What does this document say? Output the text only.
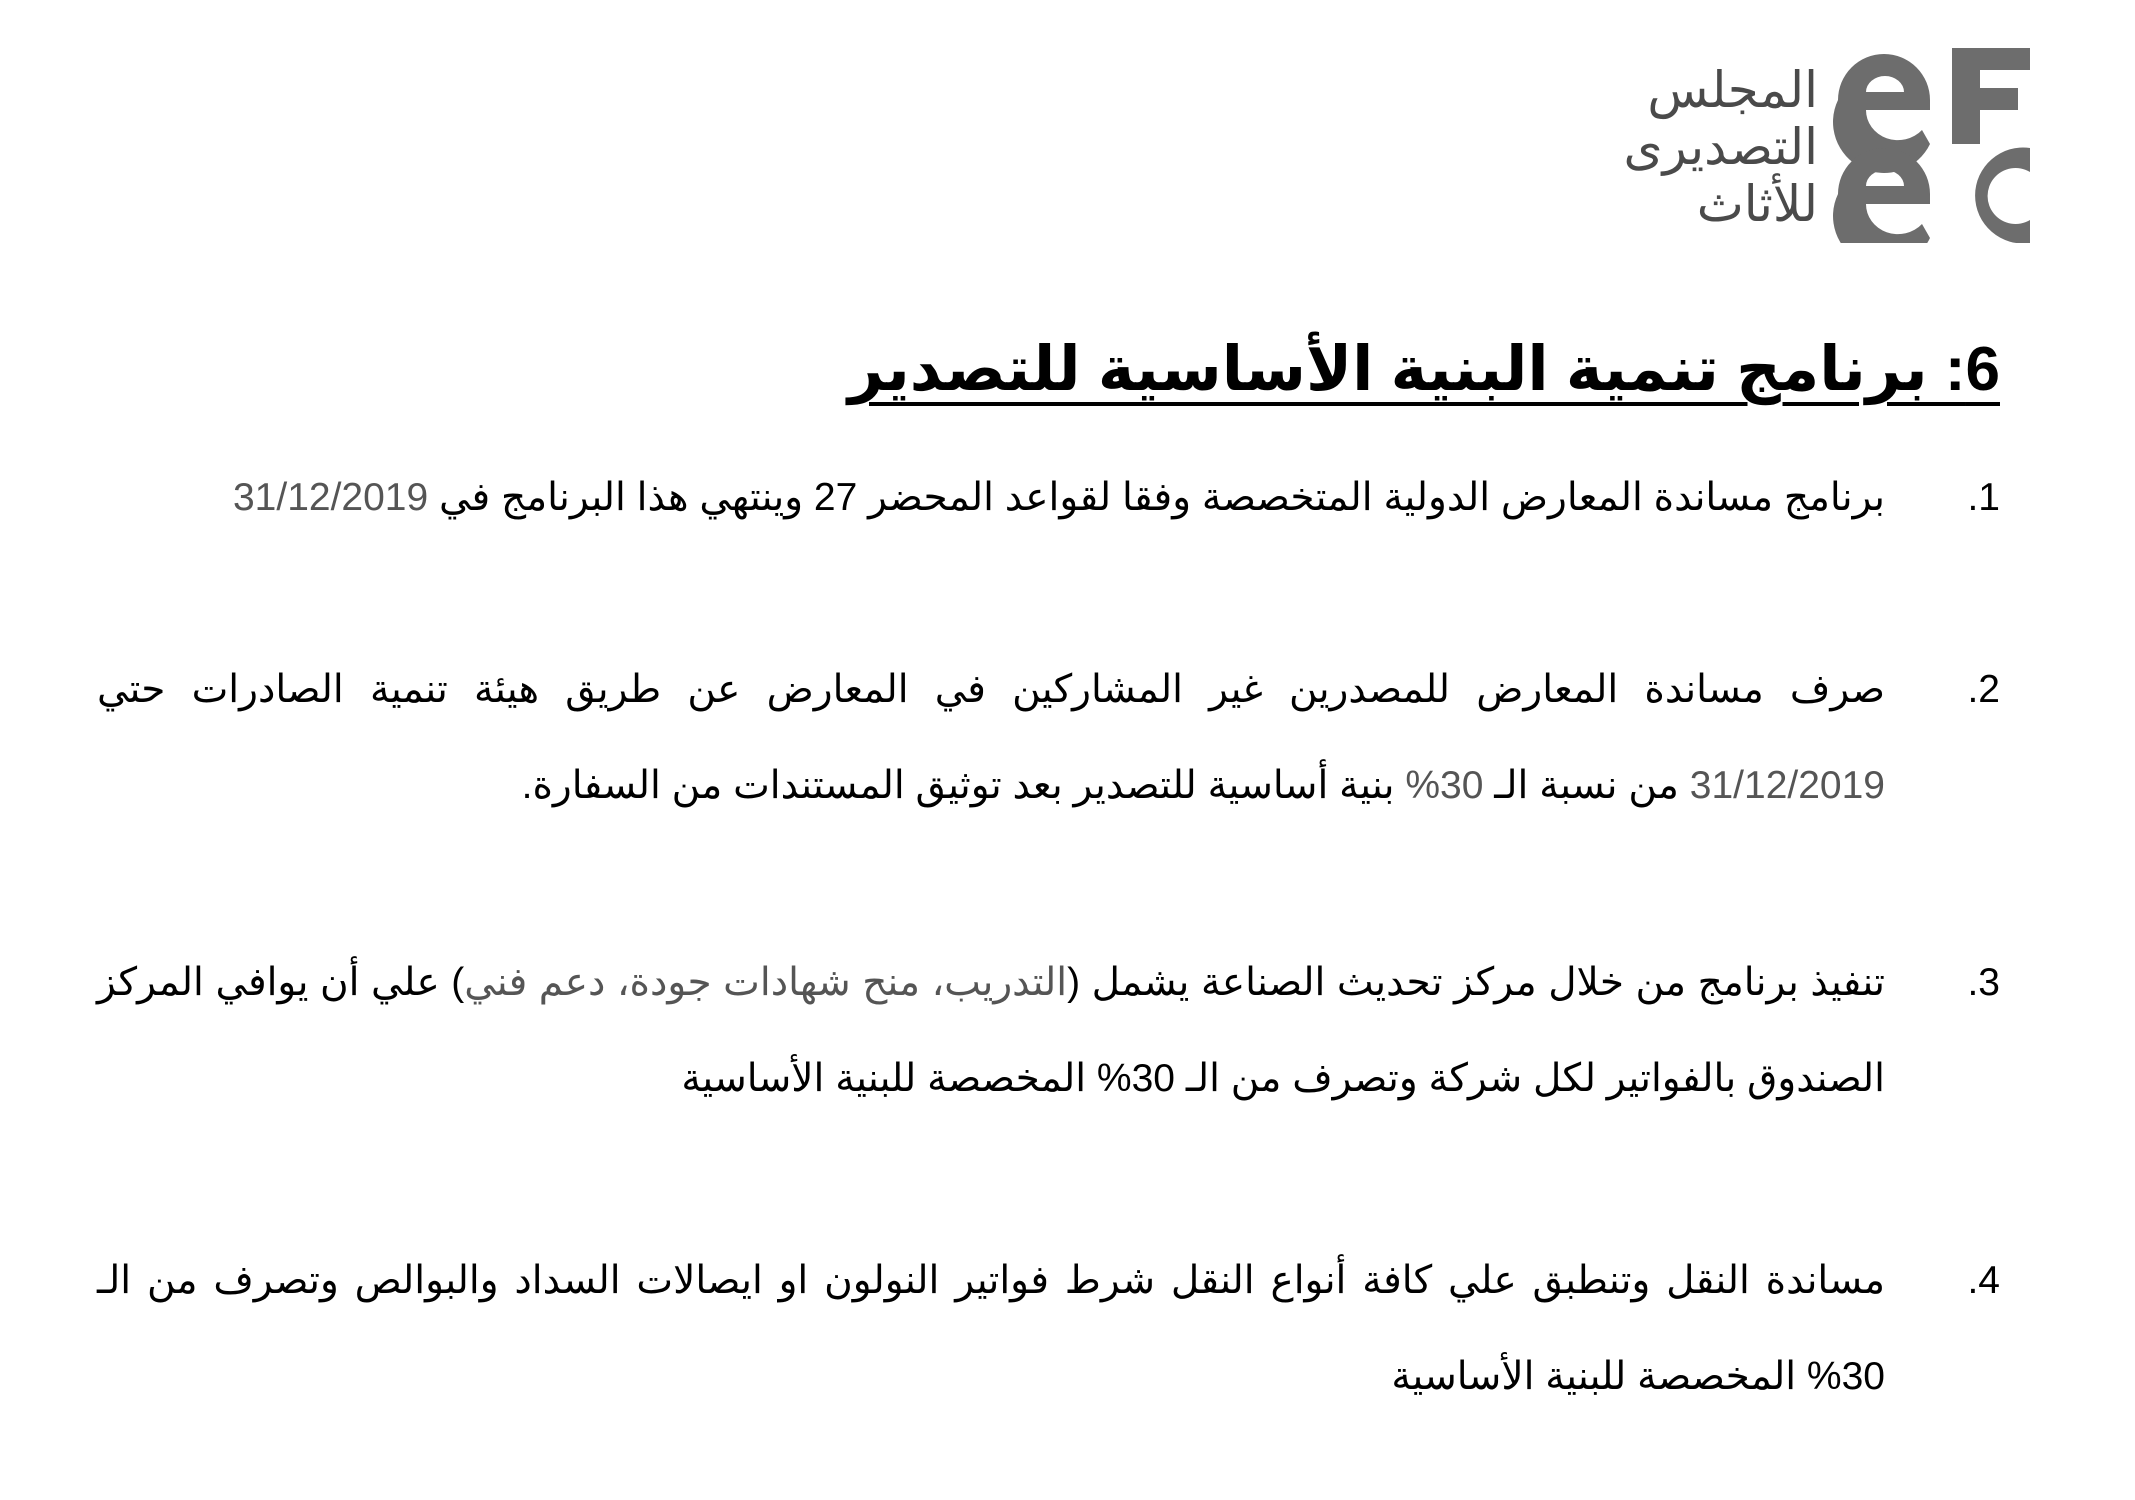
المجلس
التصديرى
للأثاث
6: برنامج تنمية البنية الأساسية للتصدير
1.
برنامج مساندة المعارض الدولية المتخصصة وفقا لقواعد المحضر 27 وينتهي هذا البرنامج في 31/12/2019
2.
صرف مساندة المعارض للمصدرين غير المشاركين في المعارض عن طريق هيئة تنمية الصادرات حتي 31/12/2019 من نسبة الـ 30% بنية أساسية للتصدير بعد توثيق المستندات من السفارة.
3.
تنفيذ برنامج من خلال مركز تحديث الصناعة يشمل (التدريب، منح شهادات جودة، دعم فني) علي أن يوافي المركز الصندوق بالفواتير لكل شركة وتصرف من الـ 30% المخصصة للبنية الأساسية
4.
مساندة النقل وتنطبق علي كافة أنواع النقل شرط فواتير النولون او ايصالات السداد والبوالص وتصرف من الـ 30% المخصصة للبنية الأساسية
